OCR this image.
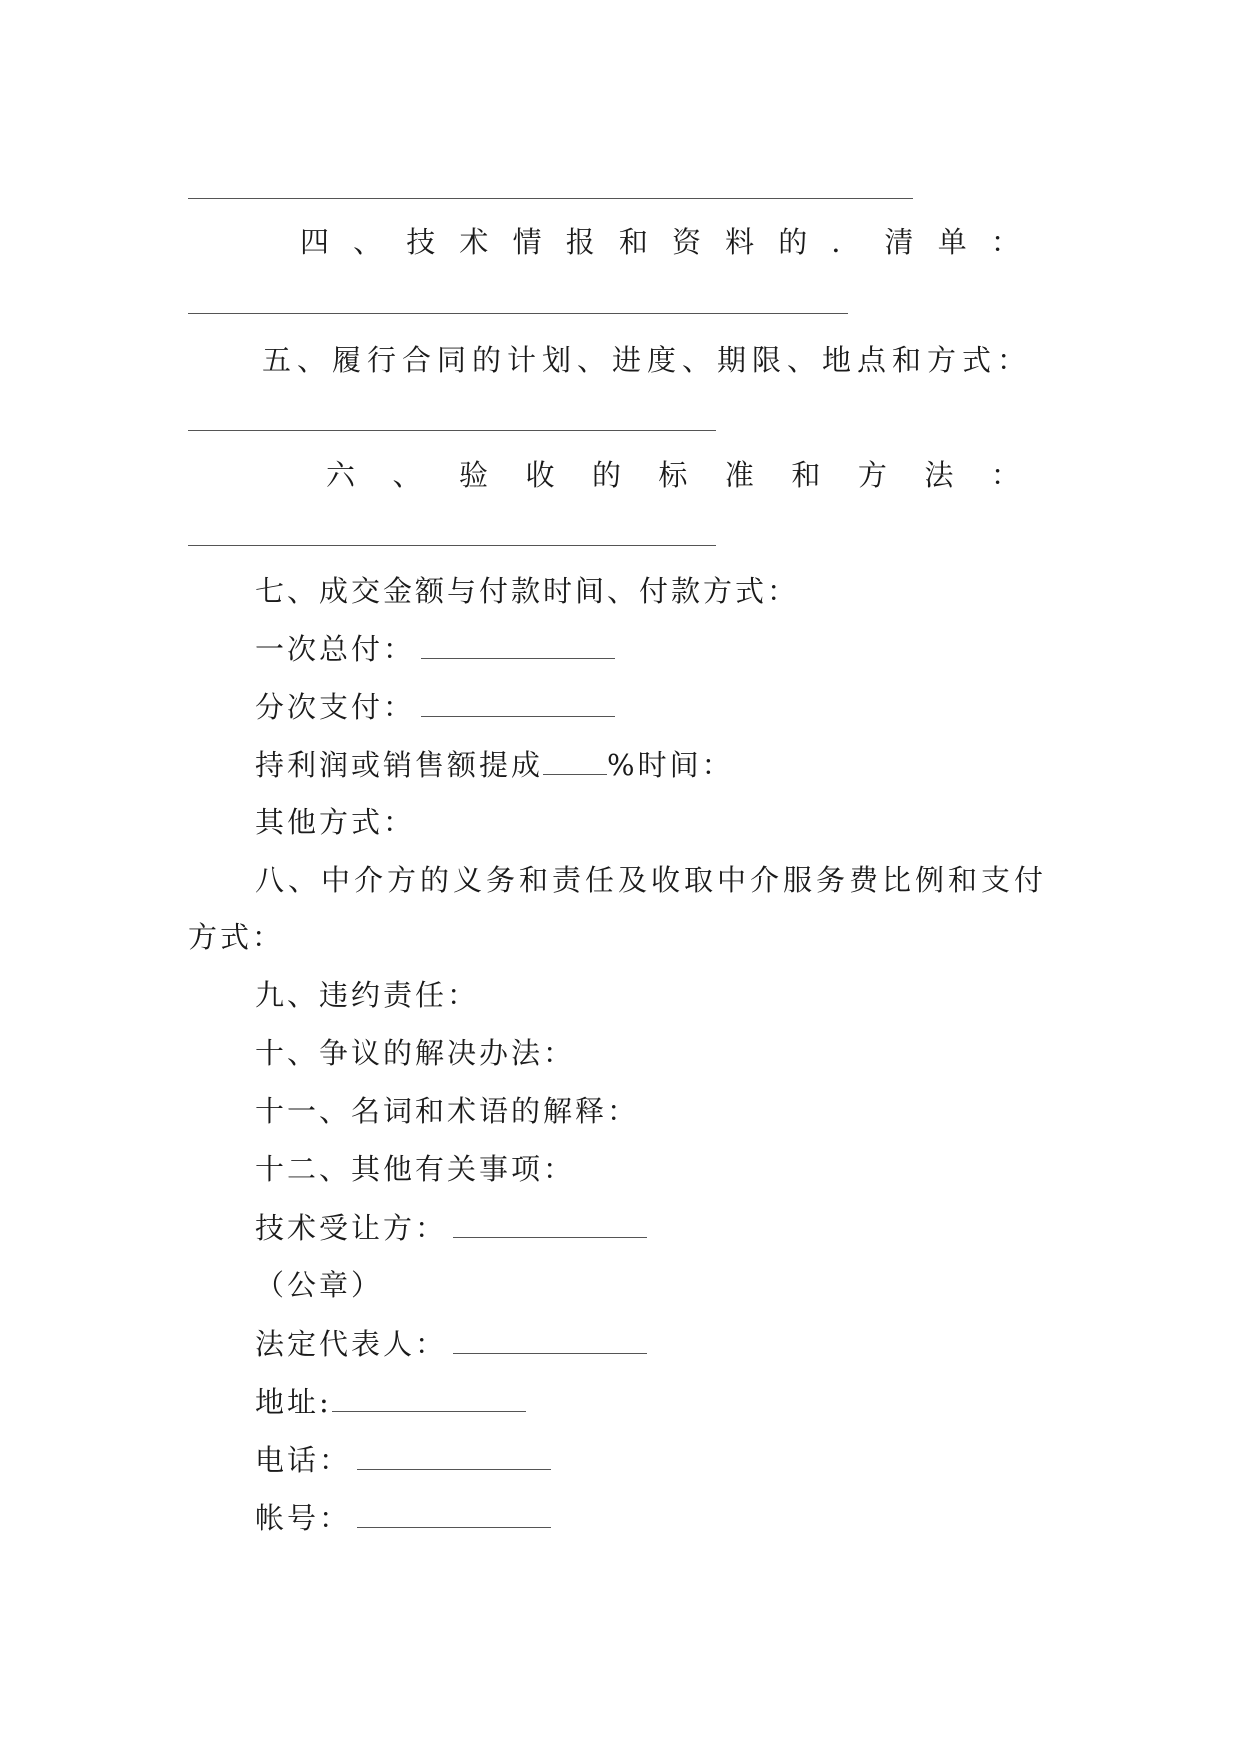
四 、 技 术 情 报 和 资 料 的 ． 清 单 ：
五、履行合同的计划、进度、期限、地点和方式：
六 、 验 收 的 标 准 和 方 法 ：
七、成交金额与付款时间、付款方式：
一次总付：
分次支付：
持利润或销售额提成 %时间：
其他方式：
八、中介方的义务和责任及收取中介服务费比例和支付
方式：
九、违约责任：
十、争议的解决办法：
十一、名词和术语的解释：
十二、其他有关事项：
技术受让方：
（公章）
法定代表人：
地址:
电话：
帐号：
